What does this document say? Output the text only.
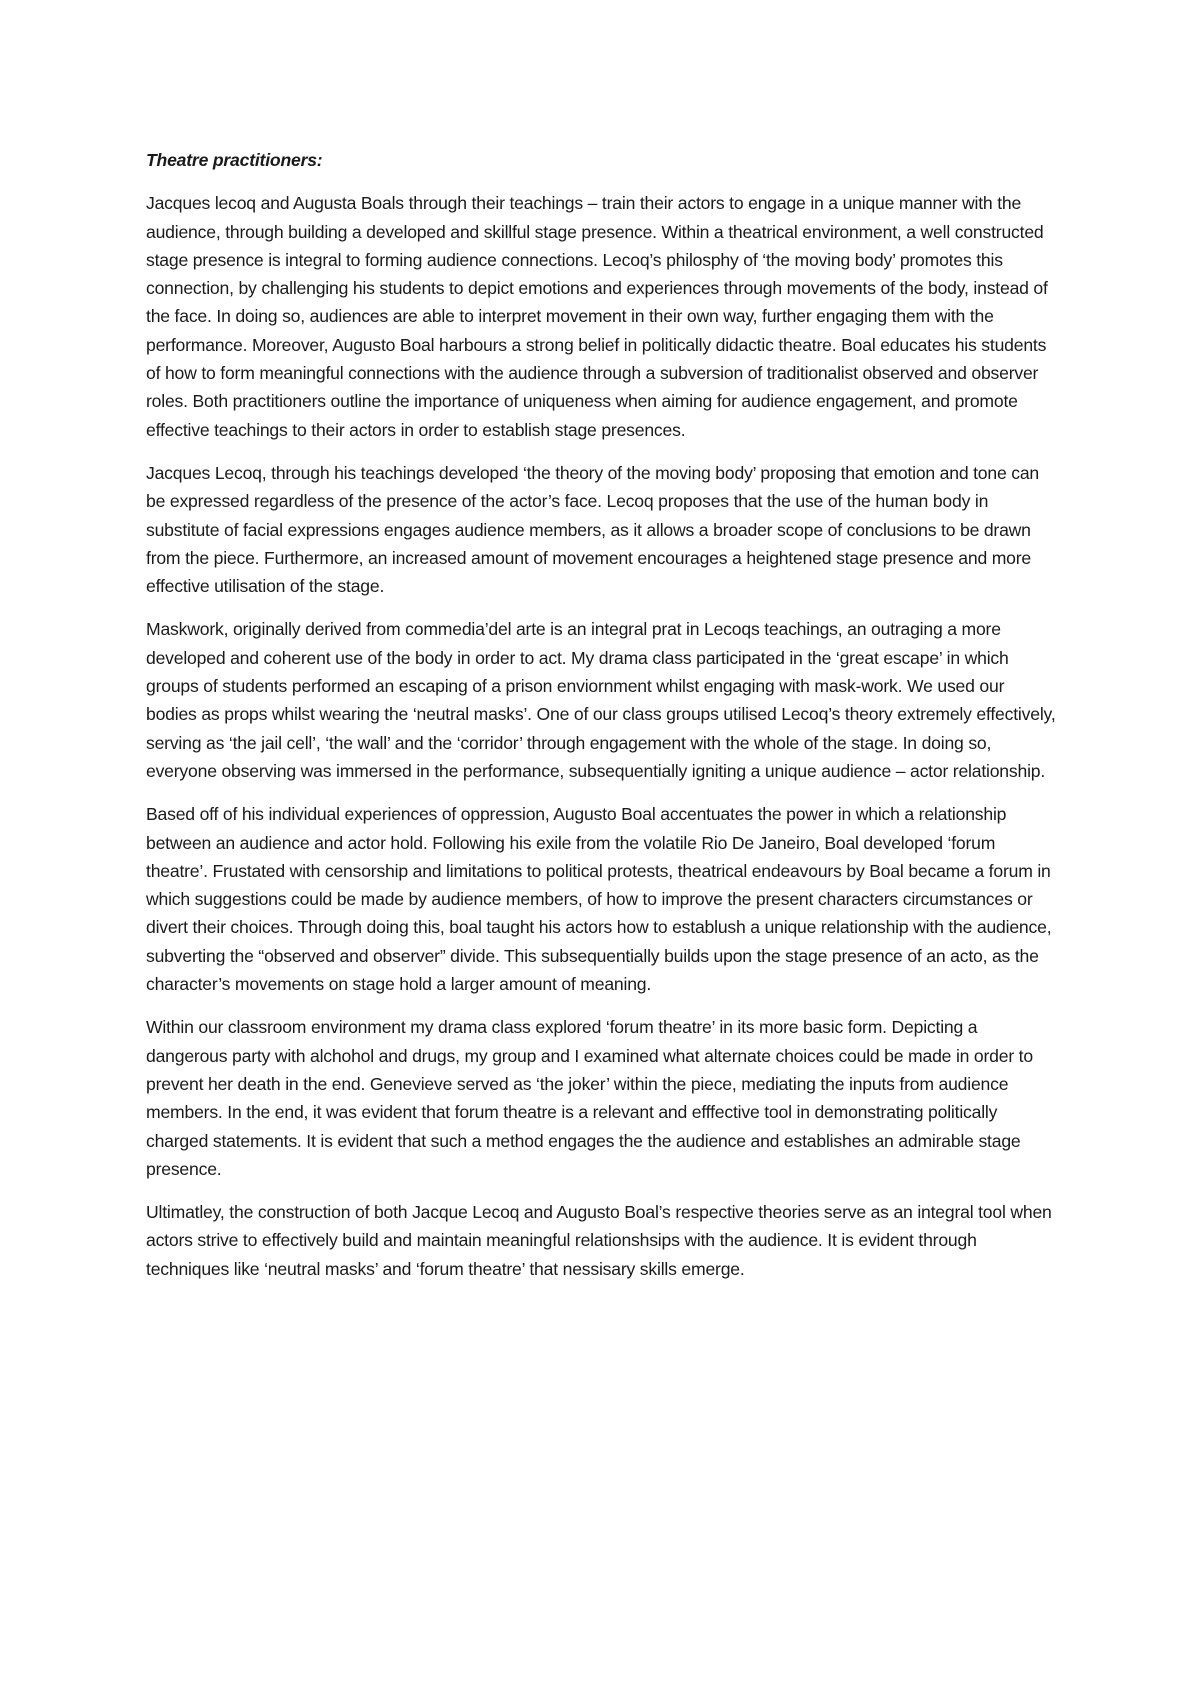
Theatre practitioners:

Jacques lecoq and Augusta Boals through their teachings – train their actors to engage in a unique manner with the audience, through building a developed and skillful stage presence. Within a theatrical environment, a well constructed stage presence is integral to forming audience connections. Lecoq’s philosphy of ‘the moving body’ promotes this connection, by challenging his students to depict emotions and experiences through movements of the body, instead of the face. In doing so, audiences are able to interpret movement in their own way, further engaging them with the performance. Moreover, Augusto Boal harbours a strong belief in politically didactic theatre. Boal educates his students of how to form meaningful connections with the audience through a subversion of traditionalist observed and observer roles. Both practitioners outline the importance of uniqueness when aiming for audience engagement, and promote effective teachings to their actors in order to establish stage presences.

Jacques Lecoq, through his teachings developed ‘the theory of the moving body’ proposing that emotion and tone can be expressed regardless of the presence of the actor’s face. Lecoq proposes that the use of the human body in substitute of facial expressions engages audience members, as it allows a broader scope of conclusions to be drawn from the piece. Furthermore, an increased amount of movement encourages a heightened stage presence and more effective utilisation of the stage.

Maskwork, originally derived from commedia’del arte is an integral prat in Lecoqs teachings, an outraging a more developed and coherent use of the body in order to act. My drama class participated in the ‘great escape’ in which groups of students performed an escaping of a prison enviornment whilst engaging with mask-work. We used our bodies as props whilst wearing the ‘neutral masks’. One of our class groups utilised Lecoq’s theory extremely effectively, serving as ‘the jail cell’, ‘the wall’ and the ‘corridor’ through engagement with the whole of the stage. In doing so, everyone observing was immersed in the performance, subsequentially igniting a unique audience – actor relationship.

Based off of his individual experiences of oppression, Augusto Boal accentuates the power in which a relationship between an audience and actor hold. Following his exile from the volatile Rio De Janeiro, Boal developed ‘forum theatre’. Frustated with censorship and limitations to political protests, theatrical endeavours by Boal became a forum in which suggestions could be made by audience members, of how to improve the present characters circumstances or divert their choices. Through doing this, boal taught his actors how to establush a unique relationship with the audience, subverting the “observed and observer” divide. This subsequentially builds upon the stage presence of an acto, as the character’s movements on stage hold a larger amount of meaning.

Within our classroom environment my drama class explored ‘forum theatre’ in its more basic form. Depicting a dangerous party with alchohol and drugs, my group and I examined what alternate choices could be made in order to prevent her death in the end. Genevieve served as ‘the joker’ within the piece, mediating the inputs from audience members. In the end, it was evident that forum theatre is a relevant and efffective tool in demonstrating politically charged statements. It is evident that such a method engages the the audience and establishes an admirable stage presence.

Ultimatley, the construction of both Jacque Lecoq and Augusto Boal’s respective theories serve as an integral tool when actors strive to effectively build and maintain meaningful relationshsips with the audience. It is evident through techniques like ‘neutral masks’ and ‘forum theatre’ that nessisary skills emerge.
